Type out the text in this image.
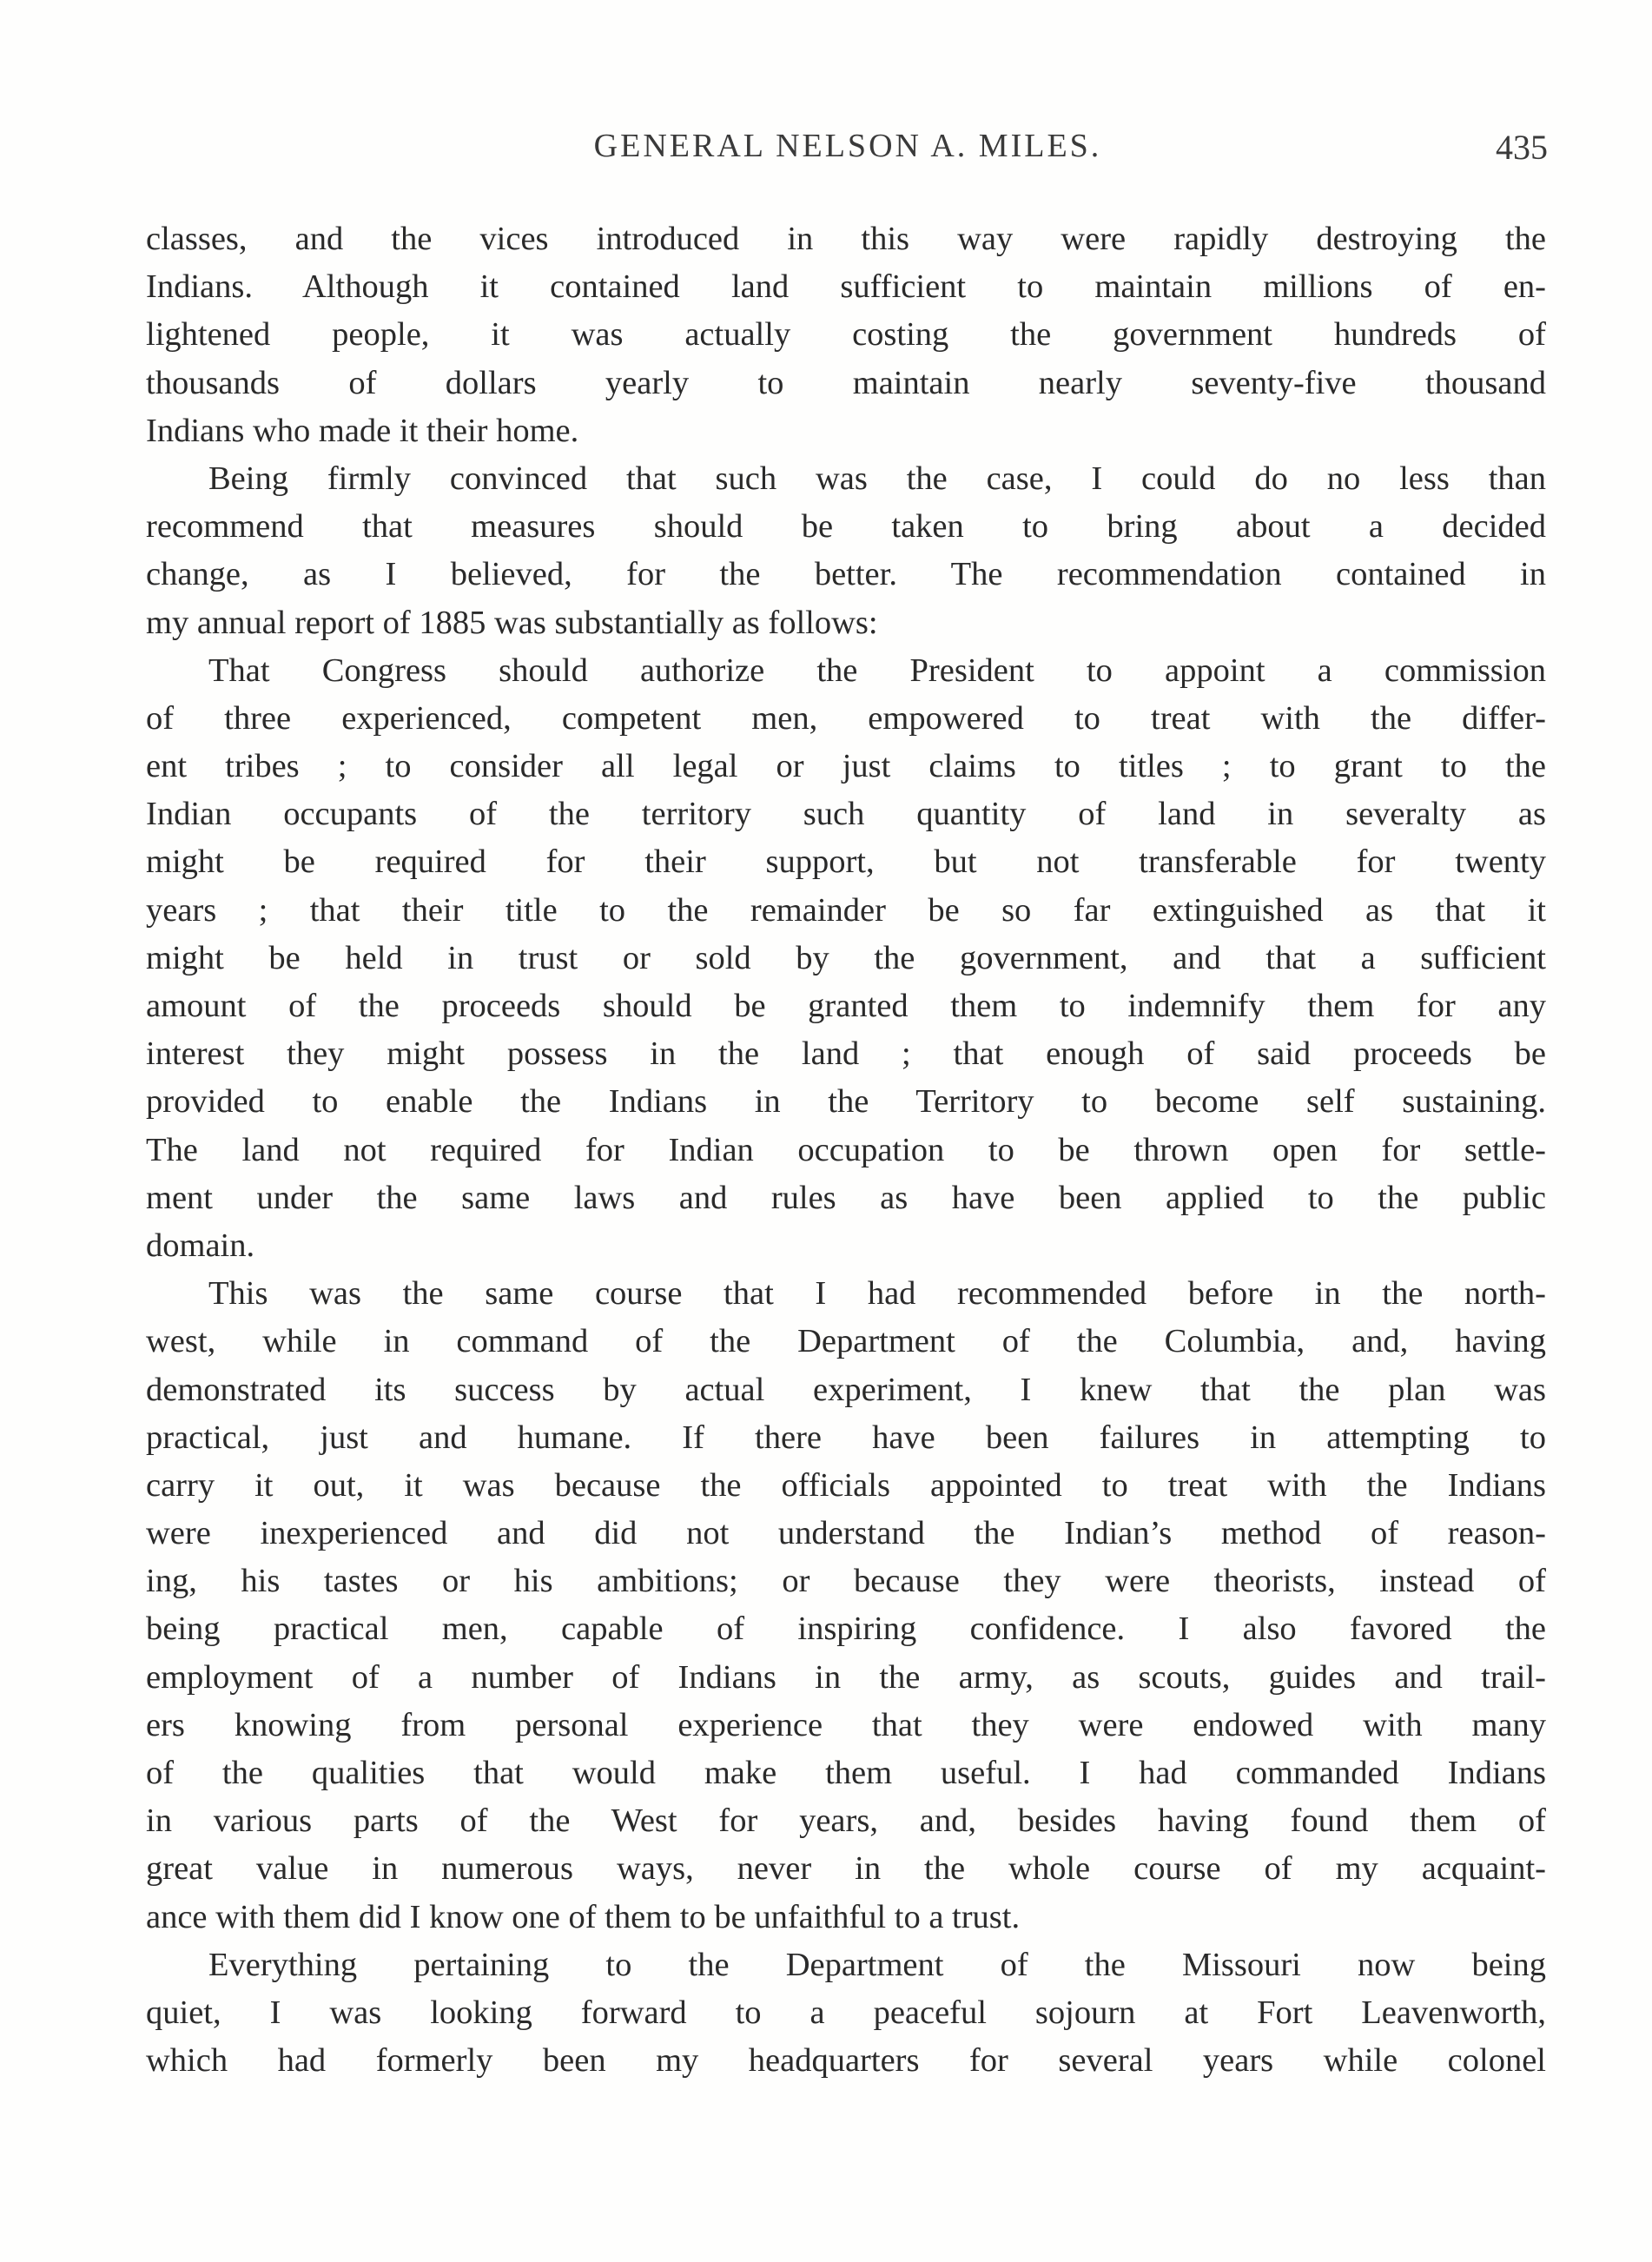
GENERAL NELSON A. MILES.	435
classes, and the vices introduced in this way were rapidly destroying the
Indians. Although it contained land sufficient to maintain millions of en-
lightened people, it was actually costing the government hundreds of
thousands of dollars yearly to maintain nearly seventy-five thousand
Indians who made it their home.
Being firmly convinced that such was the case, I could do no less than
recommend that measures should be taken to bring about a decided
change, as I believed, for the better. The recommendation contained in
my annual report of 1885 was substantially as follows:
That Congress should authorize the President to appoint a commission
of three experienced, competent men, empowered to treat with the differ-
ent tribes ; to consider all legal or just claims to titles ; to grant to the
Indian occupants of the territory such quantity of land in severalty as
might be required for their support, but not transferable for twenty
years ; that their title to the remainder be so far extinguished as that it
might be held in trust or sold by the government, and that a sufficient
amount of the proceeds should be granted them to indemnify them for any
interest they might possess in the land ; that enough of said proceeds be
provided to enable the Indians in the Territory to become self sustaining.
The land not required for Indian occupation to be thrown open for settle-
ment under the same laws and rules as have been applied to the public
domain.
This was the same course that I had recommended before in the north-
west, while in command of the Department of the Columbia, and, having
demonstrated its success by actual experiment, I knew that the plan was
practical, just and humane. If there have been failures in attempting to
carry it out, it was because the officials appointed to treat with the Indians
were inexperienced and did not understand the Indian’s method of reason-
ing, his tastes or his ambitions; or because they were theorists, instead of
being practical men, capable of inspiring confidence. I also favored the
employment of a number of Indians in the army, as scouts, guides and trail-
ers knowing from personal experience that they were endowed with many
of the qualities that would make them useful. I had commanded Indians
in various parts of the West for years, and, besides having found them of
great value in numerous ways, never in the whole course of my acquaint-
ance with them did I know one of them to be unfaithful to a trust.
Everything pertaining to the Department of the Missouri now being
quiet, I was looking forward to a peaceful sojourn at Fort Leavenworth,
which had formerly been my headquarters for several years while colonel
